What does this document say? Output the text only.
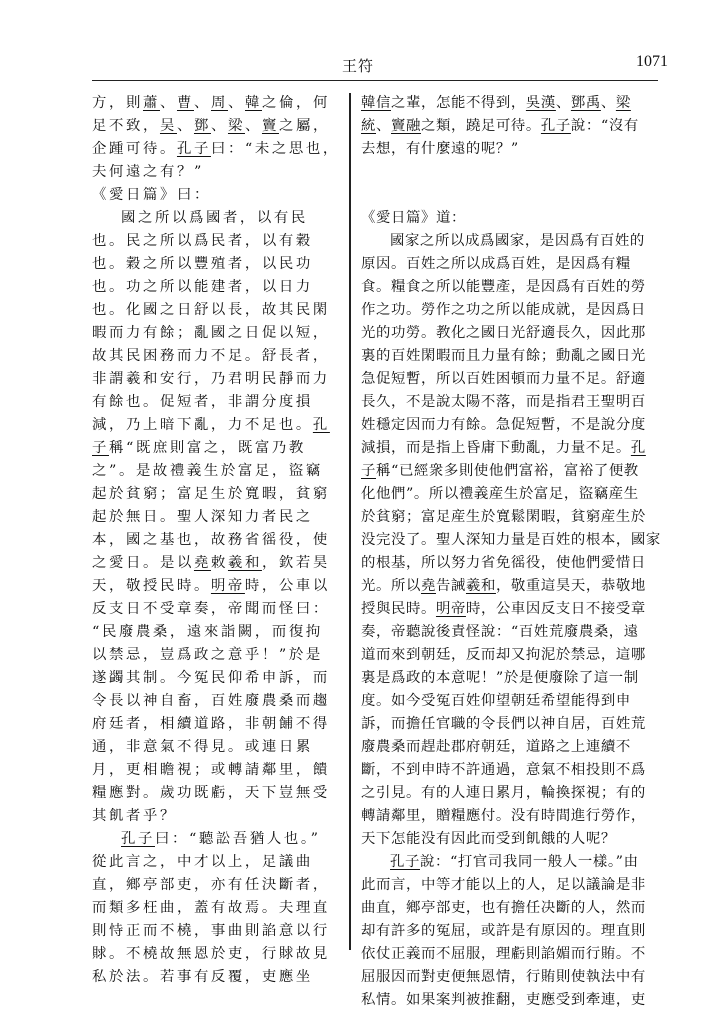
王符	1071
方，則蕭、曹、周、韓之倫，何
足不致，吴、鄧、梁、竇之屬，
企踵可待。孔子曰：“未之思也，
夫何遠之有？”
《愛日篇》曰：
國之所以爲國者，以有民
也。民之所以爲民者，以有穀
也。穀之所以豐殖者，以民功
也。功之所以能建者，以日力
也。化國之日舒以長，故其民閑
暇而力有餘；亂國之日促以短，
故其民困務而力不足。舒長者，
非謂羲和安行，乃君明民靜而力
有餘也。促短者，非謂分度損
減，乃上暗下亂，力不足也。孔
子稱“既庶則富之，既富乃教
之”。是故禮義生於富足，盜竊
起於貧窮；富足生於寬暇，貧窮
起於無日。聖人深知力者民之
本，國之基也，故務省徭役，使
之愛日。是以堯敕羲和，欽若昊
天，敬授民時。明帝時，公車以
反支日不受章奏，帝聞而怪曰：
“民廢農桑，遠來詣闕，而復拘
以禁忌，豈爲政之意乎！”於是
遂蠲其制。今冤民仰希申訴，而
令長以神自畜，百姓廢農桑而趨
府廷者，相續道路，非朝餔不得
通，非意氣不得見。或連日累
月，更相瞻視；或轉請鄰里，饋
糧應對。歲功既虧，天下豈無受
其飢者乎？
孔子曰：“聽訟吾猶人也。”
從此言之，中才以上，足議曲
直，鄉亭部吏，亦有任決斷者，
而類多枉曲，蓋有故焉。夫理直
則恃正而不橈，事曲則諂意以行
賕。不橈故無恩於吏，行賕故見
私於法。若事有反覆，吏應坐
韓信之輩，怎能不得到，吳漢、鄧禹、梁
統、竇融之類，蹺足可待。孔子說：“沒有
去想，有什麼遠的呢？”
《愛日篇》道：
國家之所以成爲國家，是因爲有百姓的
原因。百姓之所以成爲百姓，是因爲有糧
食。糧食之所以能豐產，是因爲有百姓的勞
作之功。勞作之功之所以能成就，是因爲日
光的功勞。教化之國日光舒適長久，因此那
裏的百姓閑暇而且力量有餘；動亂之國日光
急促短暫，所以百姓困頓而力量不足。舒適
長久，不是說太陽不落，而是指君王聖明百
姓穩定因而力有餘。急促短暫，不是說分度
減損，而是指上昏庸下動亂，力量不足。孔
子稱“已經衆多則使他們富裕，富裕了便教
化他們”。所以禮義産生於富足，盜竊産生
於貧窮；富足産生於寬鬆閑暇，貧窮産生於
没完没了。聖人深知力量是百姓的根本，國家
的根基，所以努力省免徭役，使他們愛惜日
光。所以堯告誡羲和，敬重這昊天，恭敬地
授與民時。明帝時，公車因反支日不接受章
奏，帝聽說後責怪說：“百姓荒廢農桑，遠
道而來到朝廷，反而却又拘泥於禁忌，這哪
裏是爲政的本意呢！”於是便廢除了這一制
度。如今受冤百姓仰望朝廷希望能得到申
訴，而擔任官職的令長們以神自居，百姓荒
廢農桑而趕赴郡府朝廷，道路之上連續不
斷，不到申時不許通過，意氣不相投則不爲
之引見。有的人連日累月，輪換探視；有的
轉請鄰里，贈糧應付。没有時間進行勞作，
天下怎能没有因此而受到飢餓的人呢？
孔子說：“打官司我同一般人一樣。”由
此而言，中等才能以上的人，足以議論是非
曲直，鄉亭部吏，也有擔任决斷的人，然而
却有許多的冤屈，或許是有原因的。理直則
依仗正義而不屈服，理虧則諂媚而行賄。不
屈服因而對吏便無恩情，行賄則使執法中有
私情。如果案判被推翻，吏應受到牽連，吏
